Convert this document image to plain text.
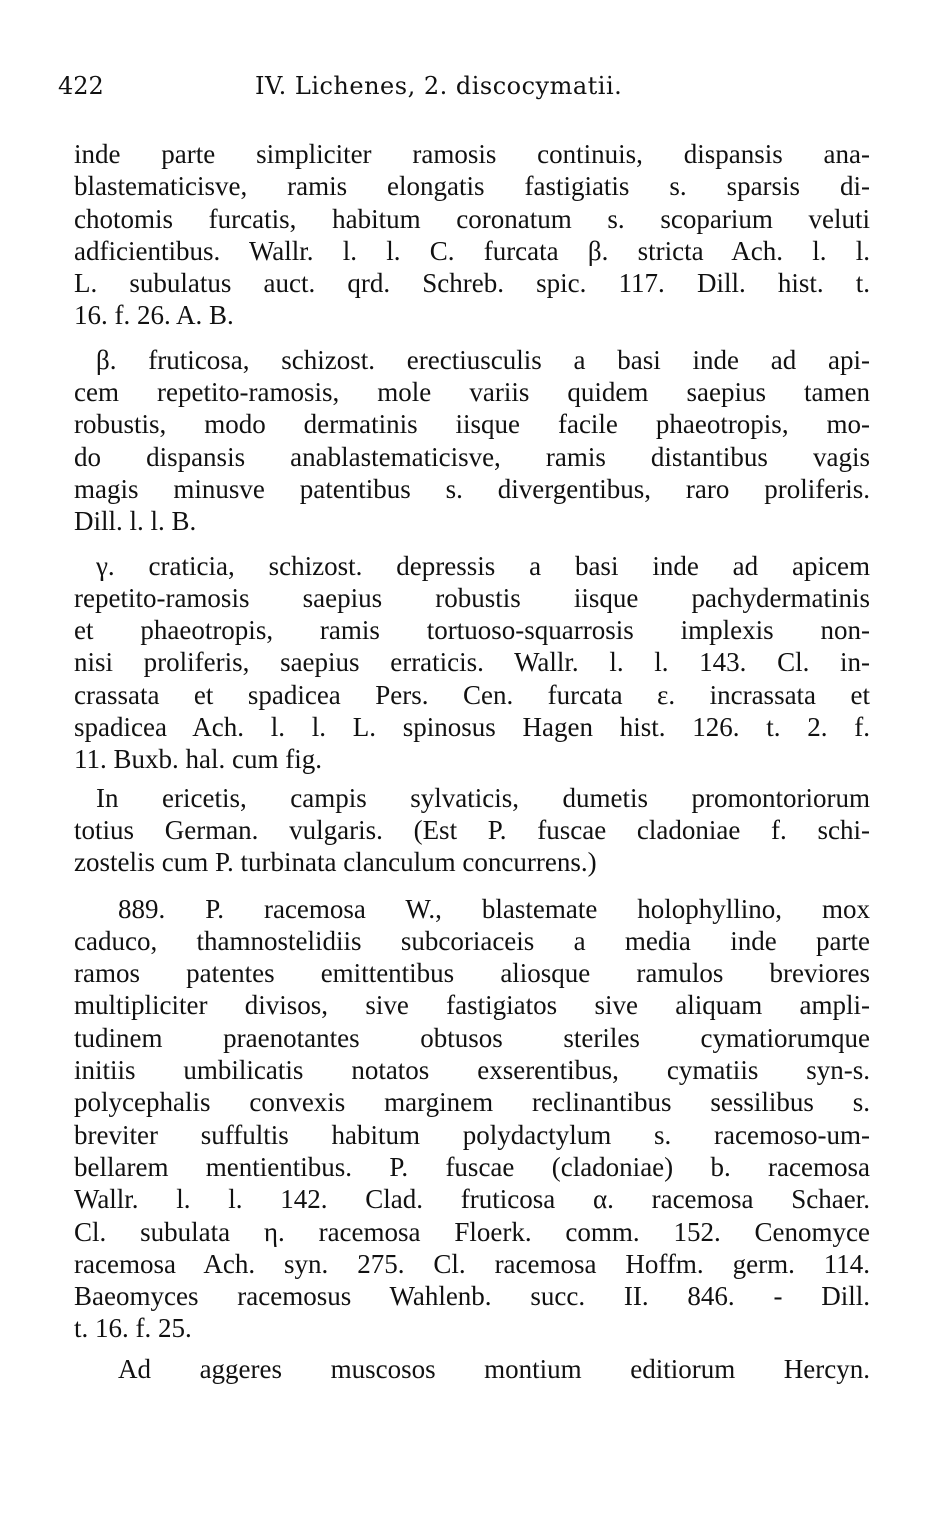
422	IV. Lichenes, 2. discocymatii.
inde parte simpliciter ramosis continuis, dispansis ana-
blastematicisve, ramis elongatis fastigiatis s. sparsis di-
chotomis furcatis, habitum coronatum s. scoparium veluti
adficientibus. Wallr. l. l. C. furcata β. stricta Ach. l. l.
L. subulatus auct. qrd. Schreb. spic. 117. Dill. hist. t.
16. f. 26. A. B.
β. fruticosa, schizost. erectiusculis a basi inde ad api-
cem repetito-ramosis, mole variis quidem saepius tamen
robustis, modo dermatinis iisque facile phaeotropis, mo-
do dispansis anablastematicisve, ramis distantibus vagis
magis minusve patentibus s. divergentibus, raro proliferis.
Dill. l. l. B.
γ. craticia, schizost. depressis a basi inde ad apicem
repetito-ramosis saepius robustis iisque pachydermatinis
et phaeotropis, ramis tortuoso-squarrosis implexis non-
nisi proliferis, saepius erraticis. Wallr. l. l. 143. Cl. in-
crassata et spadicea Pers. Cen. furcata ε. incrassata et
spadicea Ach. l. l. L. spinosus Hagen hist. 126. t. 2. f.
11. Buxb. hal. cum fig.
In ericetis, campis sylvaticis, dumetis promontoriorum
totius German. vulgaris. (Est P. fuscae cladoniae f. schi-
zostelis cum P. turbinata clanculum concurrens.)
889. P. racemosa W., blastemate holophyllino, mox
caduco, thamnostelidiis subcoriaceis a media inde parte
ramos patentes emittentibus aliosque ramulos breviores
multipliciter divisos, sive fastigiatos sive aliquam ampli-
tudinem praenotantes obtusos steriles cymatiorumque
initiis umbilicatis notatos exserentibus, cymatiis syn-s.
polycephalis convexis marginem reclinantibus sessilibus s.
breviter suffultis habitum polydactylum s. racemoso-um-
bellarem mentientibus. P. fuscae (cladoniae) b. racemosa
Wallr. l. l. 142. Clad. fruticosa α. racemosa Schaer.
Cl. subulata η. racemosa Floerk. comm. 152. Cenomyce
racemosa Ach. syn. 275. Cl. racemosa Hoffm. germ. 114.
Baeomyces racemosus Wahlenb. succ. II. 846. - Dill.
t. 16. f. 25.
Ad aggeres muscosos montium editiorum Hercyn.
